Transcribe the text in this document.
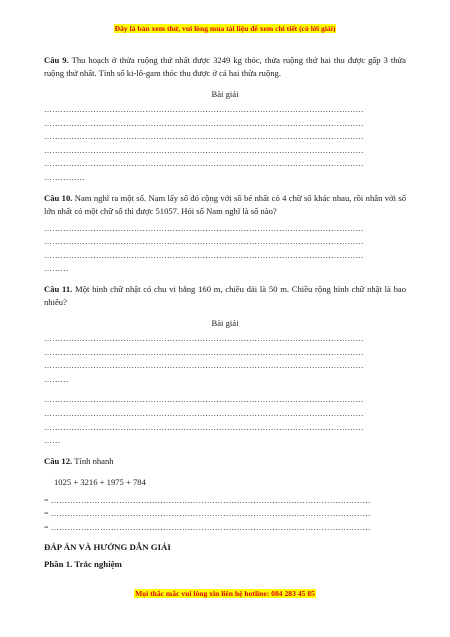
Đây là bản xem thử, vui lòng mua tài liệu để xem chi tiết (có lời giải)

Câu 9. Thu hoạch ở thửa ruộng thứ nhất được 3249 kg thóc, thửa ruộng thứ hai thu được gấp 3 thửa ruộng thứ nhất. Tính số ki-lô-gam thóc thu được ở cả hai thửa ruộng.

Bài giải
………………………………………………………………………………………………………
………………………………………………………………………………………………………
………………………………………………………………………………………………………
………………………………………………………………………………………………………
………………………………………………………………………………………………………
……………

Câu 10. Nam nghĩ ra một số. Nam lấy số đó cộng với số bé nhất có 4 chữ số khác nhau, rồi nhân với số lớn nhất có một chữ số thì được 51057. Hỏi số Nam nghĩ là số nào?

………………………………………………………………………………………………………
………………………………………………………………………………………………………
………………………………………………………………………………………………………
………

Câu 11. Một hình chữ nhật có chu vi bằng 160 m, chiều dài là 50 m. Chiều rộng hình chữ nhật là bao nhiêu?

Bài giải
………………………………………………………………………………………………………
………………………………………………………………………………………………………
………………………………………………………………………………………………………
………
………………………………………………………………………………………………………
………………………………………………………………………………………………………
………………………………………………………………………………………………………
……

Câu 12. Tính nhanh

1025 + 3216 + 1975 + 784
= ………………………………………………………………………………………………………
= ………………………………………………………………………………………………………
= ………………………………………………………………………………………………………

ĐÁP ÁN VÀ HƯỚNG DẪN GIẢI

Phần 1. Trắc nghiệm

Mọi thắc mắc vui lòng xin liên hệ hotline: 084 283 45 85
